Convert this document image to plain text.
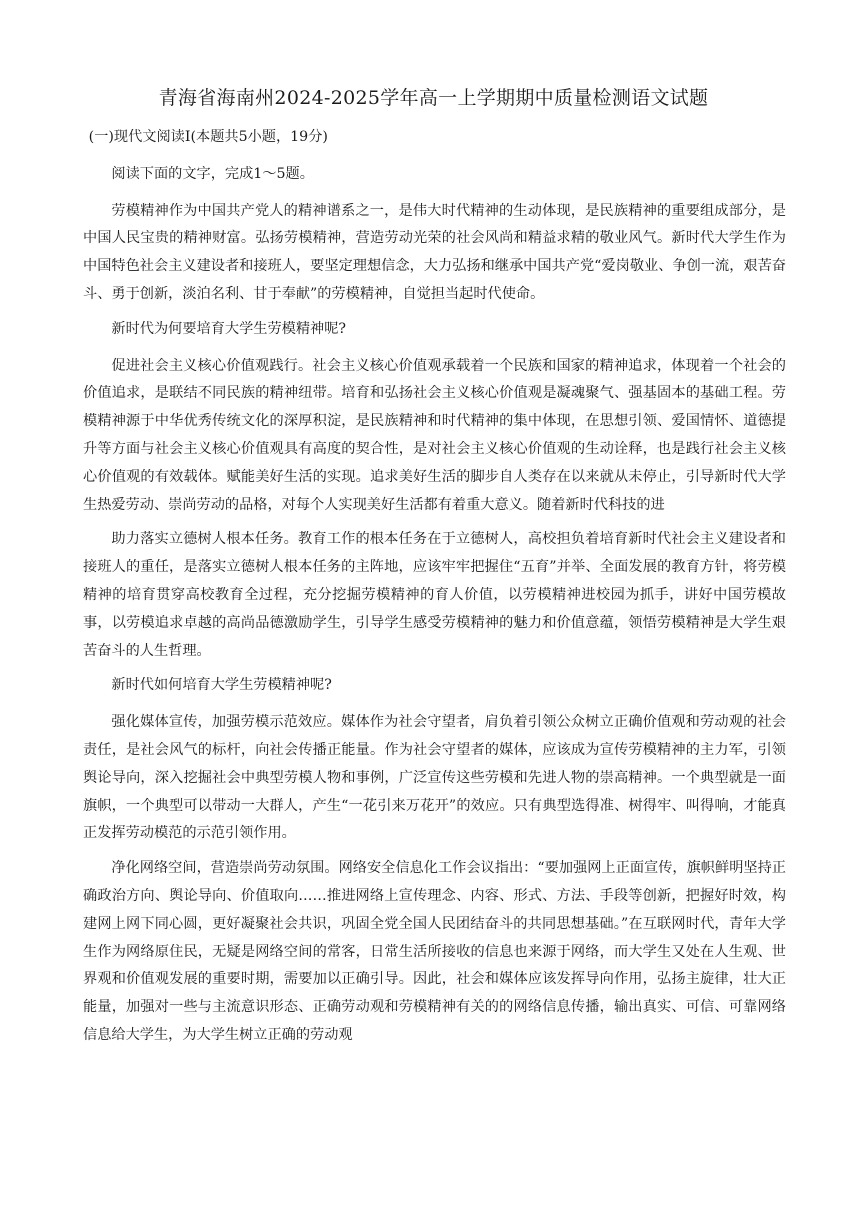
青海省海南州2024-2025学年高一上学期期中质量检测语文试题

(一)现代文阅读I(本题共5小题，19分)

阅读下面的文字，完成1～5题。

劳模精神作为中国共产党人的精神谱系之一，是伟大时代精神的生动体现，是民族精神的重要组成部分，是中国人民宝贵的精神财富。弘扬劳模精神，营造劳动光荣的社会风尚和精益求精的敬业风气。新时代大学生作为中国特色社会主义建设者和接班人，要坚定理想信念，大力弘扬和继承中国共产党“爱岗敬业、争创一流，艰苦奋斗、勇于创新，淡泊名利、甘于奉献”的劳模精神，自觉担当起时代使命。

新时代为何要培育大学生劳模精神呢?

促进社会主义核心价值观践行。社会主义核心价值观承载着一个民族和国家的精神追求，体现着一个社会的价值追求，是联结不同民族的精神纽带。培育和弘扬社会主义核心价值观是凝魂聚气、强基固本的基础工程。劳模精神源于中华优秀传统文化的深厚积淀，是民族精神和时代精神的集中体现，在思想引领、爱国情怀、道德提升等方面与社会主义核心价值观具有高度的契合性，是对社会主义核心价值观的生动诠释，也是践行社会主义核心价值观的有效载体。赋能美好生活的实现。追求美好生活的脚步自人类存在以来就从未停止，引导新时代大学生热爱劳动、崇尚劳动的品格，对每个人实现美好生活都有着重大意义。随着新时代科技的进

助力落实立德树人根本任务。教育工作的根本任务在于立德树人，高校担负着培育新时代社会主义建设者和接班人的重任，是落实立德树人根本任务的主阵地，应该牢牢把握住“五育”并举、全面发展的教育方针，将劳模精神的培育贯穿高校教育全过程，充分挖掘劳模精神的育人价值，以劳模精神进校园为抓手，讲好中国劳模故事，以劳模追求卓越的高尚品德激励学生，引导学生感受劳模精神的魅力和价值意蕴，领悟劳模精神是大学生艰苦奋斗的人生哲理。

新时代如何培育大学生劳模精神呢?

强化媒体宣传，加强劳模示范效应。媒体作为社会守望者，肩负着引领公众树立正确价值观和劳动观的社会责任，是社会风气的标杆，向社会传播正能量。作为社会守望者的媒体，应该成为宣传劳模精神的主力军，引领舆论导向，深入挖掘社会中典型劳模人物和事例，广泛宣传这些劳模和先进人物的崇高精神。一个典型就是一面旗帜，一个典型可以带动一大群人，产生“一花引来万花开”的效应。只有典型选得准、树得牢、叫得响，才能真正发挥劳动模范的示范引领作用。

净化网络空间，营造崇尚劳动氛围。网络安全信息化工作会议指出：“要加强网上正面宣传，旗帜鲜明坚持正确政治方向、舆论导向、价值取向……推进网络上宣传理念、内容、形式、方法、手段等创新，把握好时效，构建网上网下同心圆，更好凝聚社会共识，巩固全党全国人民团结奋斗的共同思想基础。”在互联网时代，青年大学生作为网络原住民，无疑是网络空间的常客，日常生活所接收的信息也来源于网络，而大学生又处在人生观、世界观和价值观发展的重要时期，需要加以正确引导。因此，社会和媒体应该发挥导向作用，弘扬主旋律，壮大正能量，加强对一些与主流意识形态、正确劳动观和劳模精神有关的的网络信息传播，输出真实、可信、可靠网络信息给大学生，为大学生树立正确的劳动观
